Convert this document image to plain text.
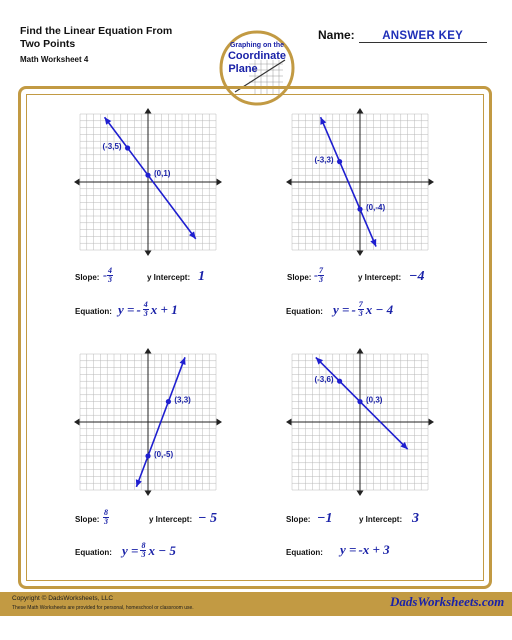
Find the Linear Equation From Two Points
Math Worksheet 4
Graphing on the
Coordinate
Plane
Name: ANSWER KEY
(-3,5)
(0,1)
(-3,3)
(0,-4)
(0,-5)
(3,3)
(-3,6)
(0,3)
Slope: - $\frac{4}{3}$	y Intercept: 1
Equation: y = - $\frac{4}{3}$ x + 1
Slope: - $\frac{7}{3}$	y Intercept: −4
Equation: y = - $\frac{7}{3}$ x − 4
Slope: $\frac{8}{3}$	y Intercept: − 5
Equation: $y = \frac{8}{3}$ x − 5
Slope: −1	y Intercept: 3
Equation: y = -x + 3
Copyright © DadsWorksheets, LLC
These Math Worksheets are provided for personal, homeschool or classroom use.	DadsWorksheets.com
